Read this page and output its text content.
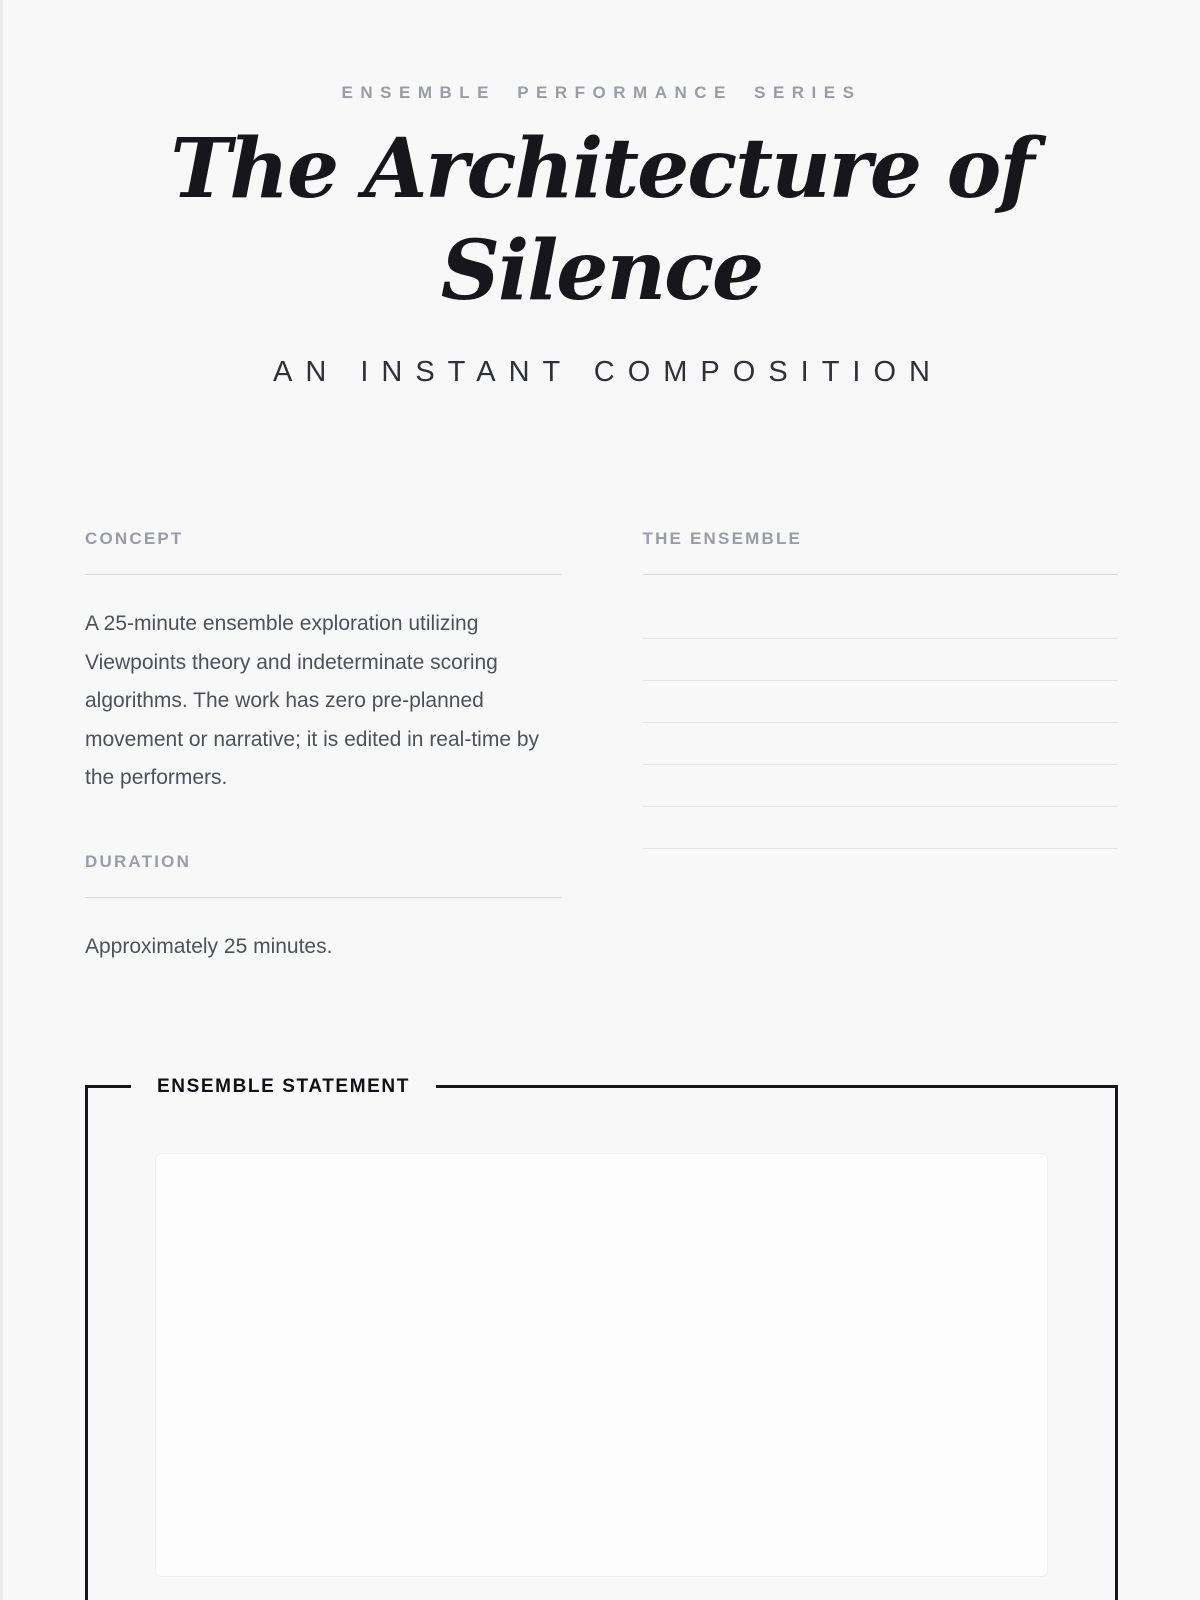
ENSEMBLE PERFORMANCE SERIES
The Architecture of
Silence
AN INSTANT COMPOSITION
CONCEPT

A 25-minute ensemble exploration utilizing Viewpoints theory and indeterminate scoring algorithms. The work has zero pre-planned movement or narrative; it is edited in real-time by the performers.

DURATION

Approximately 25 minutes.

THE ENSEMBLE
ENSEMBLE STATEMENT
